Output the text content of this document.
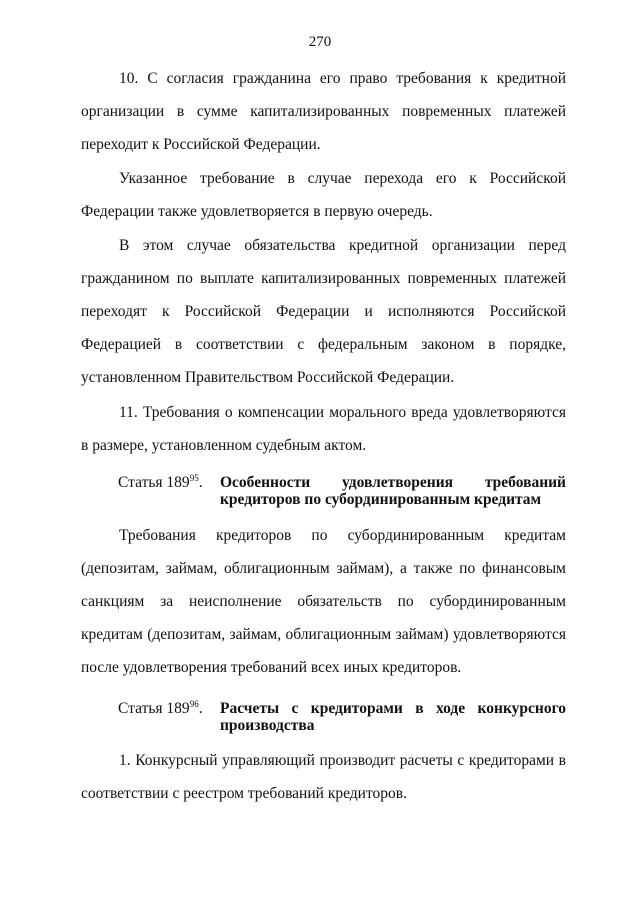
270

10. С согласия гражданина его право требования к кредитной организации в сумме капитализированных повременных платежей переходит к Российской Федерации.

Указанное требование в случае перехода его к Российской Федерации также удовлетворяется в первую очередь.

В этом случае обязательства кредитной организации перед гражданином по выплате капитализированных повременных платежей переходят к Российской Федерации и исполняются Российской Федерацией в соответствии с федеральным законом в порядке, установленном Правительством Российской Федерации.

11. Требования о компенсации морального вреда удовлетворяются в размере, установленном судебным актом.

Статья $189^{95}$.	Особенности удовлетворения требований кредиторов по субординированным кредитам

Требования кредиторов по субординированным кредитам (депозитам, займам, облигационным займам), а также по финансовым санкциям за неисполнение обязательств по субординированным кредитам (депозитам, займам, облигационным займам) удовлетворяются после удовлетворения требований всех иных кредиторов.

Статья $189^{96}$.	Расчеты с кредиторами в ходе конкурсного производства

1. Конкурсный управляющий производит расчеты с кредиторами в соответствии с реестром требований кредиторов.
